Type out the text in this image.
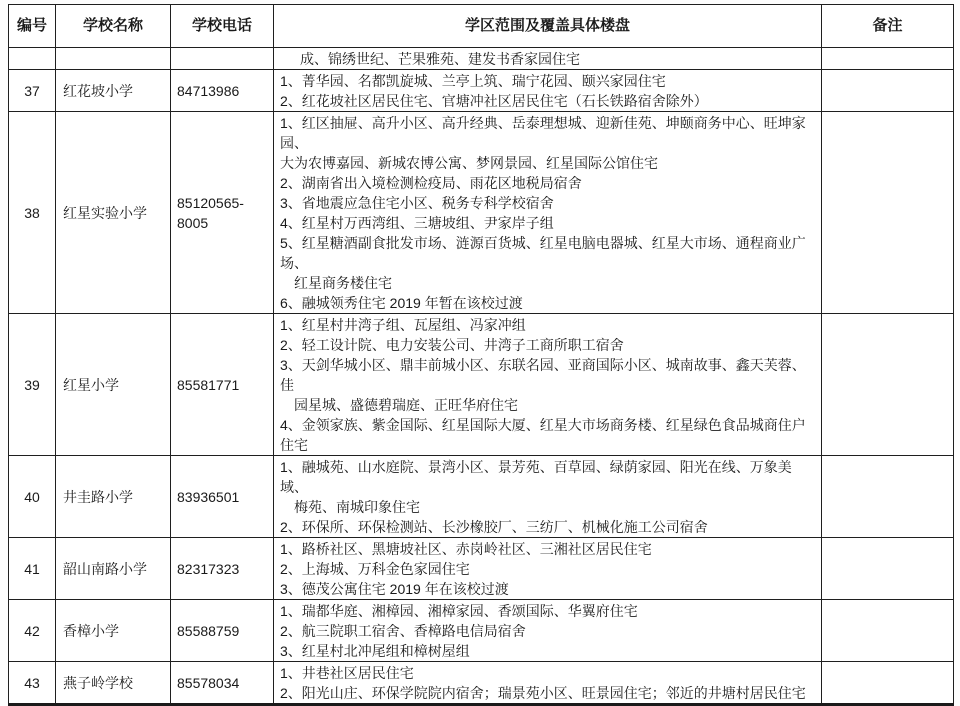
编号	学校名称	学校电话	学区范围及覆盖具体楼盘	备注
			成、锦绣世纪、芒果雅苑、建发书香家园住宅	
37	红花坡小学	84713986	1、菁华园、名都凯旋城、兰亭上筑、瑞宁花园、颐兴家园住宅
2、红花坡社区居民住宅、官塘冲社区居民住宅（石长铁路宿舍除外）	

38	红星实验小学	85120565-8005	
1、红区抽屉、高升小区、高升经典、岳泰理想城、迎新佳苑、坤颐商务中心、旺坤家园、
大为农博嘉园、新城农博公寓、梦网景园、红星国际公馆住宅
2、湖南省出入境检测检疫局、雨花区地税局宿舍
3、省地震应急住宅小区、税务专科学校宿舍
4、红星村万西湾组、三塘坡组、尹家岸子组
5、红星糖酒副食批发市场、涟源百货城、红星电脑电器城、红星大市场、通程商业广场、
　红星商务楼住宅
6、融城领秀住宅 2019 年暂在该校过渡

39	红星小学	85581771	1、红星村井湾子组、瓦屋组、冯家冲组
2、轻工设计院、电力安装公司、井湾子工商所职工宿舍
3、天剑华城小区、鼎丰前城小区、东联名园、亚商国际小区、城南故事、鑫天芙蓉、佳
　园星城、盛德碧瑞庭、正旺华府住宅
4、金领家族、紫金国际、红星国际大厦、红星大市场商务楼、红星绿色食品城商住户住宅	

40	井圭路小学	83936501	1、融城苑、山水庭院、景湾小区、景芳苑、百草园、绿荫家园、阳光在线、万象美域、
　梅苑、南城印象住宅
2、环保所、环保检测站、长沙橡胶厂、三纺厂、机械化施工公司宿舍	

41	韶山南路小学	82317323	1、路桥社区、黑塘坡社区、赤岗岭社区、三湘社区居民住宅
2、上海城、万科金色家园住宅
3、德茂公寓住宅 2019 年在该校过渡	

42	香樟小学	85588759	1、瑞都华庭、湘樟园、湘樟家园、香颂国际、华翼府住宅
2、航三院职工宿舍、香樟路电信局宿舍
3、红星村北冲尾组和樟树屋组	

43	燕子岭学校	85578034	1、井巷社区居民住宅
2、阳光山庄、环保学院院内宿舍；瑞景苑小区、旺景园住宅；邻近的井塘村居民住宅	
